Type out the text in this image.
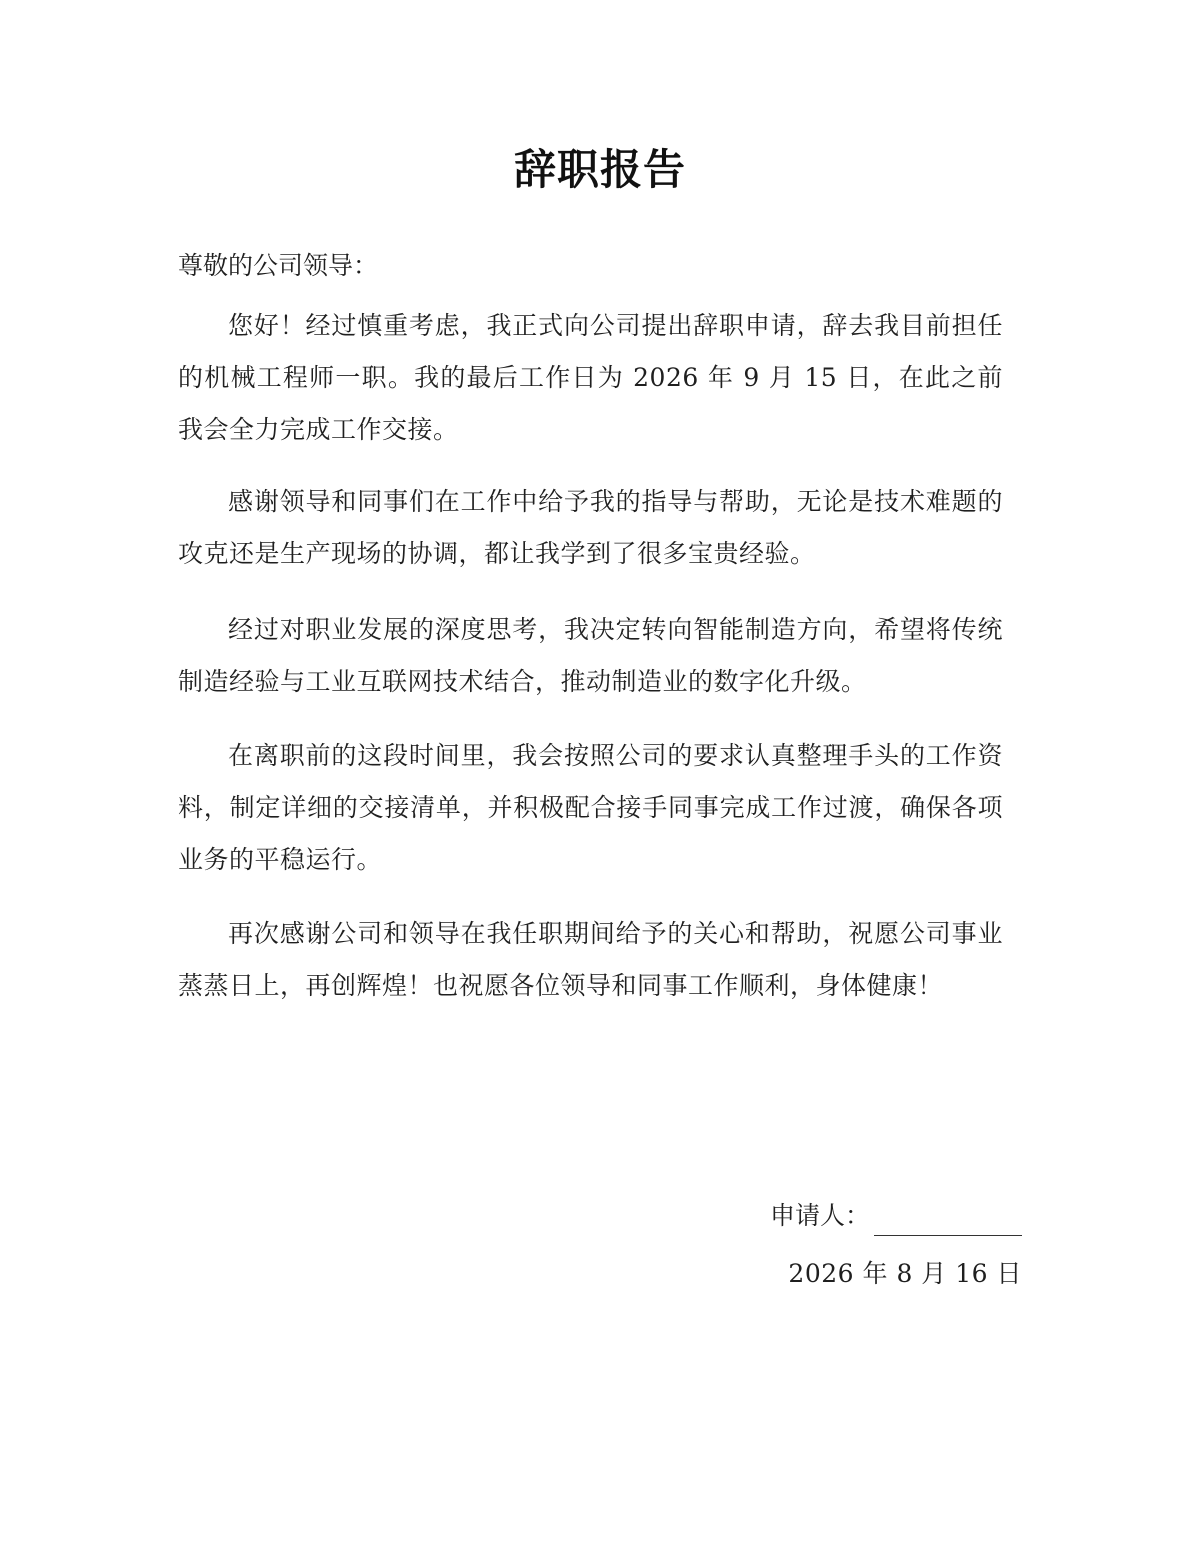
辞职报告
尊敬的公司领导：
您好！经过慎重考虑，我正式向公司提出辞职申请，辞去我目前担任的机械工程师一职。我的最后工作日为 2026 年 9 月 15 日，在此之前我会全力完成工作交接。
感谢领导和同事们在工作中给予我的指导与帮助，无论是技术难题的攻克还是生产现场的协调，都让我学到了很多宝贵经验。
经过对职业发展的深度思考，我决定转向智能制造方向，希望将传统制造经验与工业互联网技术结合，推动制造业的数字化升级。
在离职前的这段时间里，我会按照公司的要求认真整理手头的工作资料，制定详细的交接清单，并积极配合接手同事完成工作过渡，确保各项业务的平稳运行。
再次感谢公司和领导在我任职期间给予的关心和帮助，祝愿公司事业蒸蒸日上，再创辉煌！也祝愿各位领导和同事工作顺利，身体健康！
申请人：
2026 年 8 月 16 日
